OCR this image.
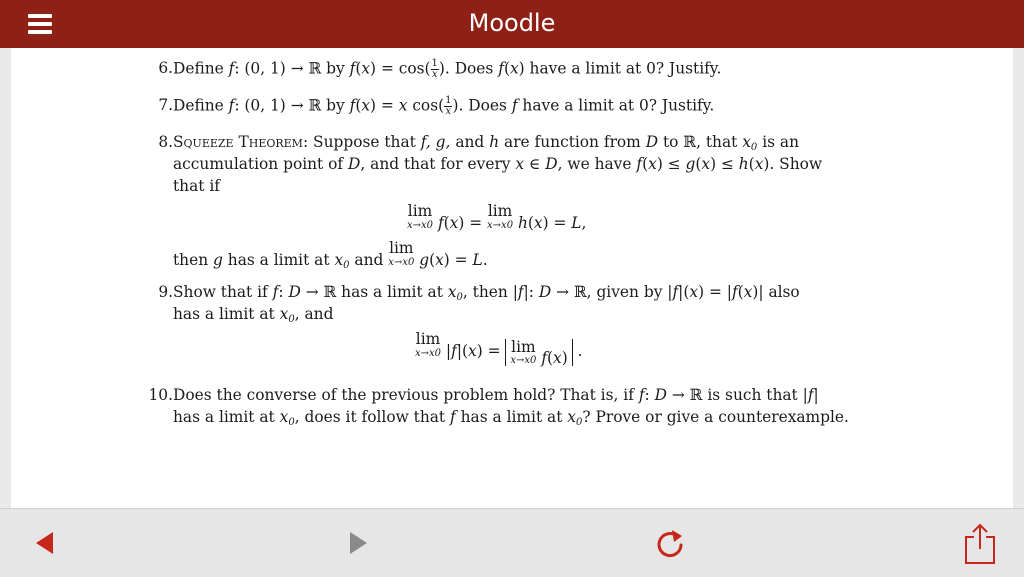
Moodle
6. Define f: (0, 1) → ℝ by $f(x) = \cos( \frac{1}{x}$ ). Does f(x) have a limit at 0? Justify.
7. Define f: (0, 1) → ℝ by f(x) = x $\cos( \frac{1}{x}$ ). Does f have a limit at 0? Justify.
8. Squeeze Theorem: Suppose that f, g, and h are function from D to ℝ, that $x_0$ is an
accumulation point of D, and that for every x ∈ D, we have f(x) ≤ g(x) ≤ h(x). Show
that if
lim
x→x0 f(x) =
lim
x→x0 h(x) = L,
then g has a limit at $x_0$ and
lim
x→x0 g(x) = L.
9. Show that if f: D → ℝ has a limit at $x_0$, then |f|: D → ℝ, given by |f|(x) = |f(x)| also
has a limit at $x_0$, and
lim
x→x0 |f|(x) = lim
x→x0 f(x) .
10. Does the converse of the previous problem hold? That is, if f: D → ℝ is such that |f|
has a limit at $x_0$, does it follow that f has a limit at $x_0$? Prove or give a counterexample.
